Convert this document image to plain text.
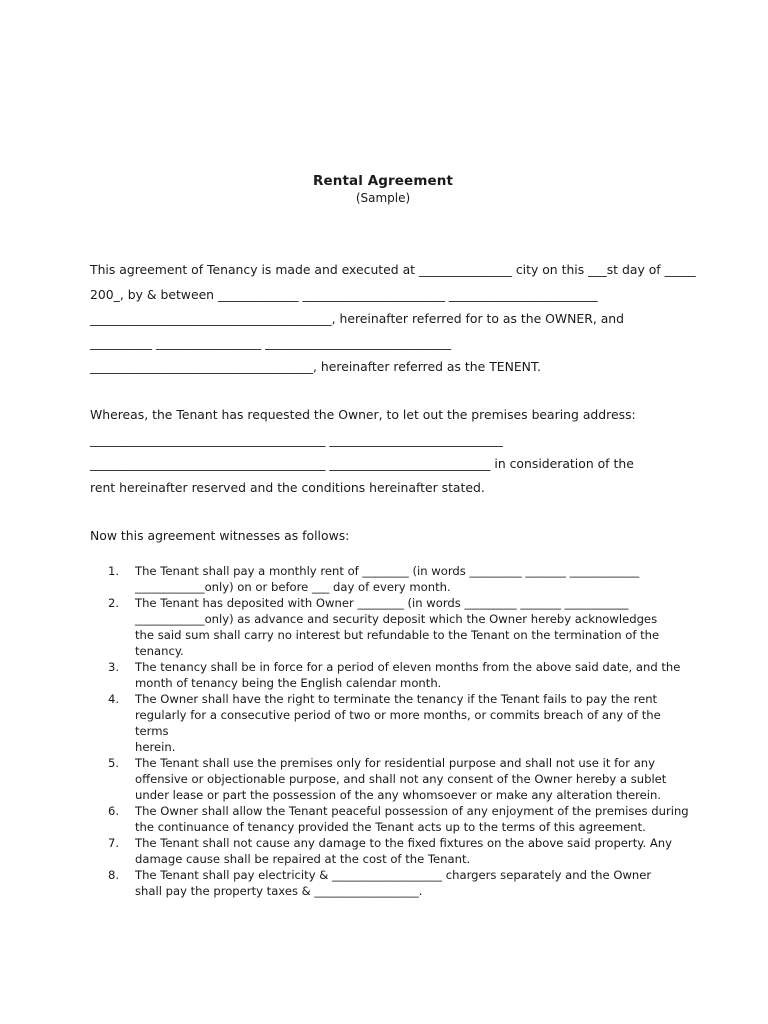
Rental Agreement
(Sample)
This agreement of Tenancy is made and executed at _______________ city on this ___st day of _____
200_, by & between _____________ _______________________ ________________________
_______________________________________, hereinafter referred for to as the OWNER, and
__________ _________________ ______________________________
____________________________________, hereinafter referred as the TENENT.
Whereas, the Tenant has requested the Owner, to let out the premises bearing address:
______________________________________ ____________________________
______________________________________ __________________________ in consideration of the
rent hereinafter reserved and the conditions hereinafter stated.
Now this agreement witnesses as follows:
1.	The Tenant shall pay a monthly rent of ________ (in words _________ _______ ____________
____________only) on or before ___ day of every month.
2.	The Tenant has deposited with Owner ________ (in words _________ _______ ___________
____________only) as advance and security deposit which the Owner hereby acknowledges
the said sum shall carry no interest but refundable to the Tenant on the termination of the
tenancy.
3.	The tenancy shall be in force for a period of eleven months from the above said date, and the
month of tenancy being the English calendar month.
4.	The Owner shall have the right to terminate the tenancy if the Tenant fails to pay the rent
regularly for a consecutive period of two or more months, or commits breach of any of the terms
herein.
5.	The Tenant shall use the premises only for residential purpose and shall not use it for any
offensive or objectionable purpose, and shall not any consent of the Owner hereby a sublet
under lease or part the possession of the any whomsoever or make any alteration therein.
6.	The Owner shall allow the Tenant peaceful possession of any enjoyment of the premises during
the continuance of tenancy provided the Tenant acts up to the terms of this agreement.
7.	The Tenant shall not cause any damage to the fixed fixtures on the above said property. Any
damage cause shall be repaired at the cost of the Tenant.
8.	The Tenant shall pay electricity & ___________________ chargers separately and the Owner
shall pay the property taxes & __________________.
